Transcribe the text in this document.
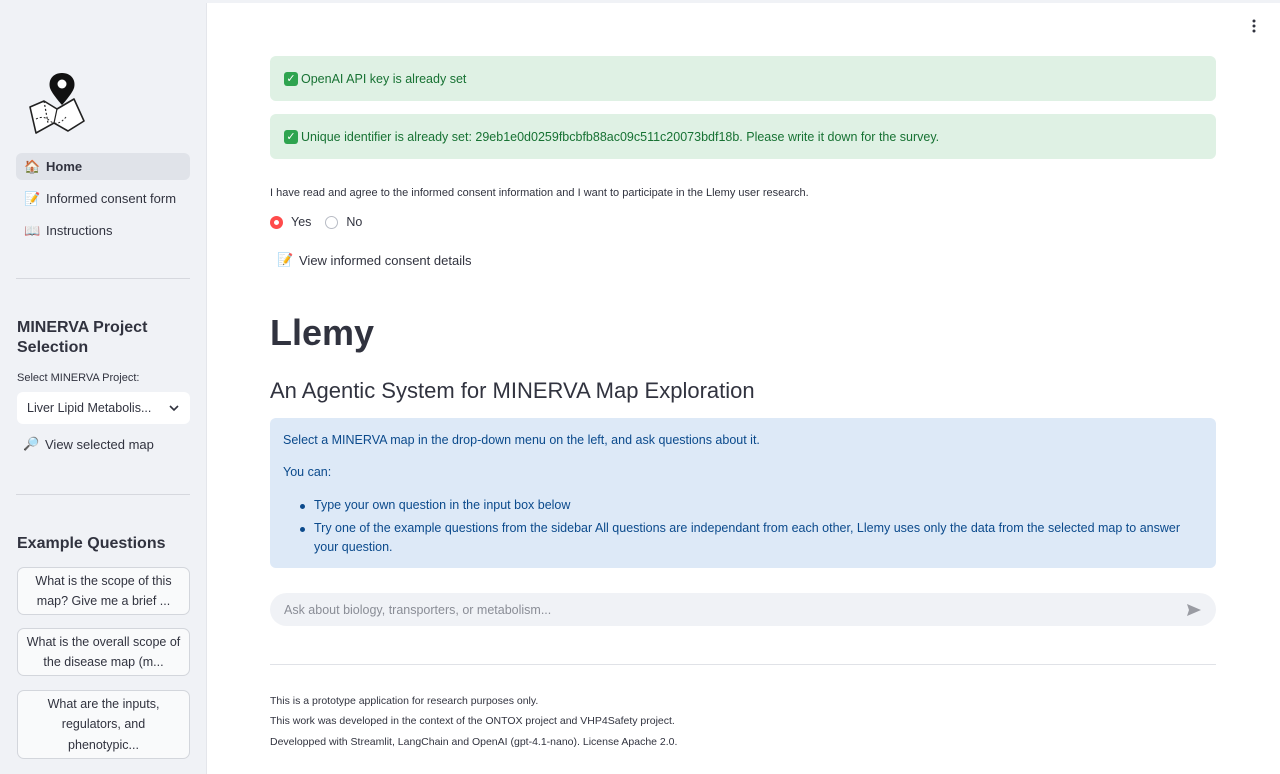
🏠 Home
📝 Informed consent form
📖 Instructions
MINERVA Project Selection
Select MINERVA Project:
Liver Lipid Metabolis...
🔎 View selected map
Example Questions
What is the scope of this map? Give me a brief ...
What is the overall scope of the disease map (m...
What are the inputs, regulators, and phenotypic...
✓ OpenAI API key is already set
✓ Unique identifier is already set: 29eb1e0d0259fbcbfb88ac09c511c20073bdf18b. Please write it down for the survey.
I have read and agree to the informed consent information and I want to participate in the Llemy user research.
Yes	No
📝 View informed consent details
Llemy
An Agentic System for MINERVA Map Exploration

Select a MINERVA map in the drop-down menu on the left, and ask questions about it.

You can:

Type your own question in the input box below
Try one of the example questions from the sidebar All questions are independant from each other, Llemy uses only the data from the selected map to answer your question.
Ask about biology, transporters, or metabolism...
This is a prototype application for research purposes only.
This work was developed in the context of the ONTOX project and VHP4Safety project.
Developped with Streamlit, LangChain and OpenAI (gpt-4.1-nano). License Apache 2.0.
